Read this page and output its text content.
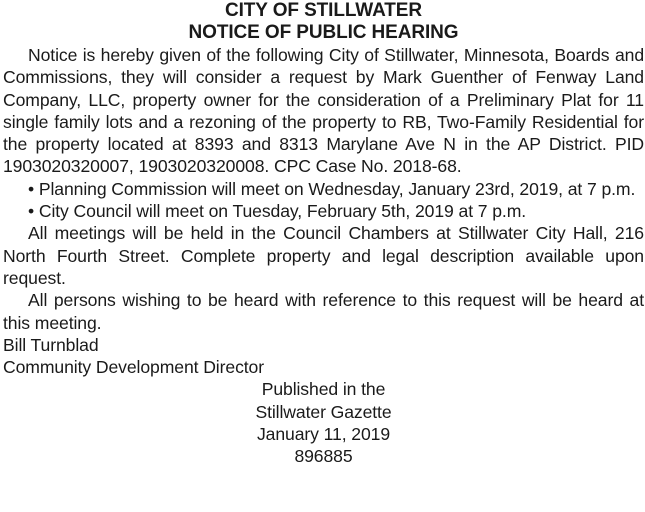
CITY OF STILLWATER

NOTICE OF PUBLIC HEARING

Notice is hereby given of the following City of Stillwater, Minnesota, Boards and Commissions, they will consider a request by Mark Guenther of Fenway Land Company, LLC, property owner for the consideration of a Preliminary Plat for 11 single family lots and a rezoning of the property to RB, Two-Family Residential for the property located at 8393 and 8313 Marylane Ave N in the AP District. PID 1903020320007, 1903020320008. CPC Case No. 2018-68.

• Planning Commission will meet on Wednesday, January 23rd, 2019, at 7 p.m.

• City Council will meet on Tuesday, February 5th, 2019 at 7 p.m.

All meetings will be held in the Council Chambers at Stillwater City Hall, 216 North Fourth Street. Complete property and legal description available upon request.

All persons wishing to be heard with reference to this request will be heard at this meeting.

Bill Turnblad

Community Development Director

Published in the

Stillwater Gazette

January 11, 2019

896885
